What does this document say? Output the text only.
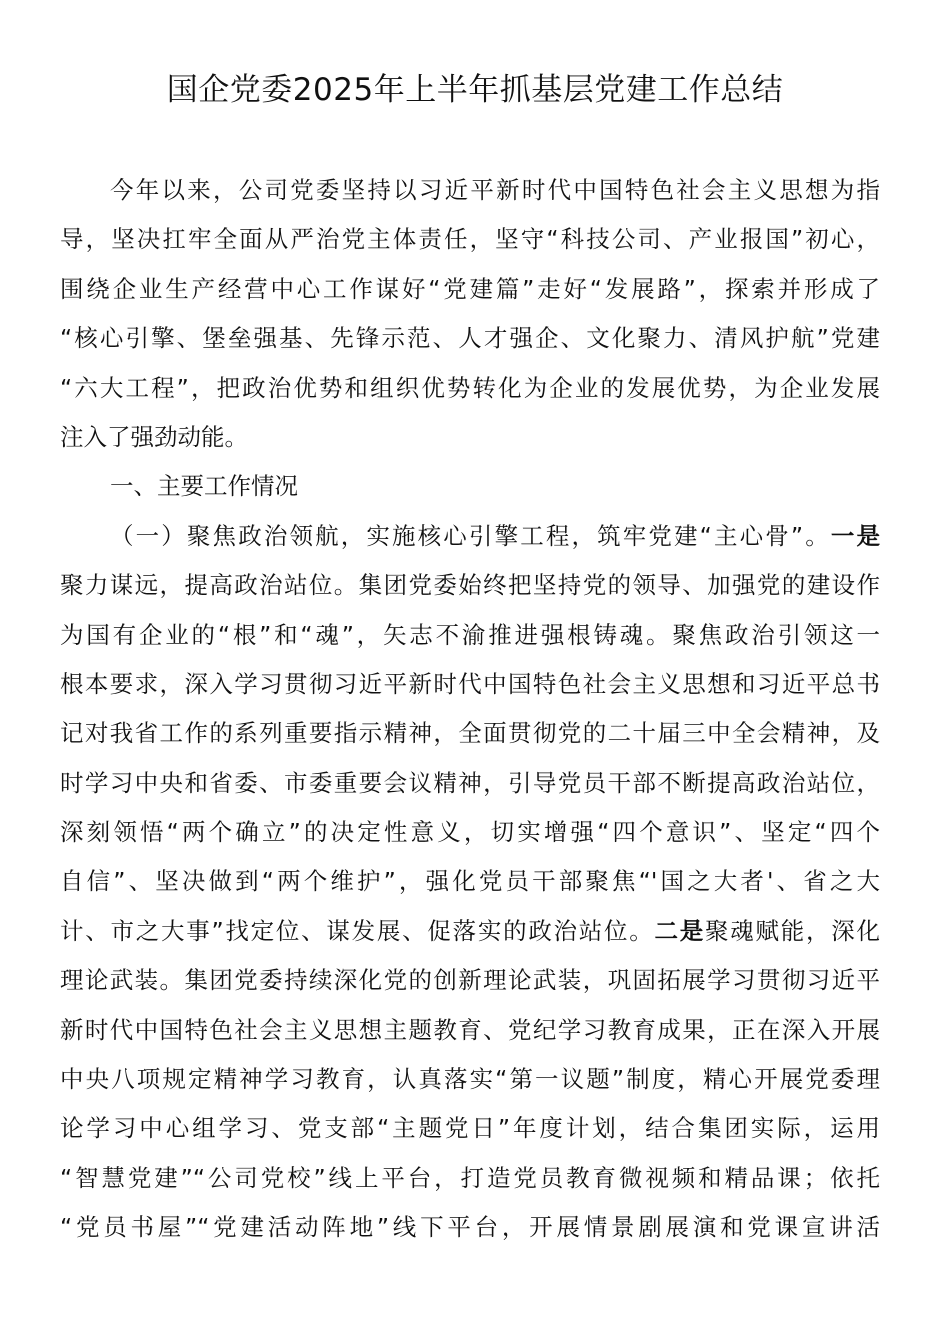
国企党委2025年上半年抓基层党建工作总结
今年以来，公司党委坚持以习近平新时代中国特色社会主义思想为指
导，坚决扛牢全面从严治党主体责任，坚守“科技公司、产业报国”初心，
围绕企业生产经营中心工作谋好“党建篇”走好“发展路”，探索并形成了
“核心引擎、堡垒强基、先锋示范、人才强企、文化聚力、清风护航”党建
“六大工程”，把政治优势和组织优势转化为企业的发展优势，为企业发展
注入了强劲动能。
一、主要工作情况
（一）聚焦政治领航，实施核心引擎工程，筑牢党建“主心骨”。一是
聚力谋远，提高政治站位。集团党委始终把坚持党的领导、加强党的建设作
为国有企业的“根”和“魂”，矢志不渝推进强根铸魂。聚焦政治引领这一
根本要求，深入学习贯彻习近平新时代中国特色社会主义思想和习近平总书
记对我省工作的系列重要指示精神，全面贯彻党的二十届三中全会精神，及
时学习中央和省委、市委重要会议精神，引导党员干部不断提高政治站位，
深刻领悟“两个确立”的决定性意义，切实增强“四个意识”、坚定“四个
自信”、坚决做到“两个维护”，强化党员干部聚焦“'国之大者'、省之大
计、市之大事”找定位、谋发展、促落实的政治站位。二是聚魂赋能，深化
理论武装。集团党委持续深化党的创新理论武装，巩固拓展学习贯彻习近平
新时代中国特色社会主义思想主题教育、党纪学习教育成果，正在深入开展
中央八项规定精神学习教育，认真落实“第一议题”制度，精心开展党委理
论学习中心组学习、党支部“主题党日”年度计划，结合集团实际，运用
“智慧党建”“公司党校”线上平台，打造党员教育微视频和精品课；依托
“党员书屋”“党建活动阵地”线下平台，开展情景剧展演和党课宣讲活
